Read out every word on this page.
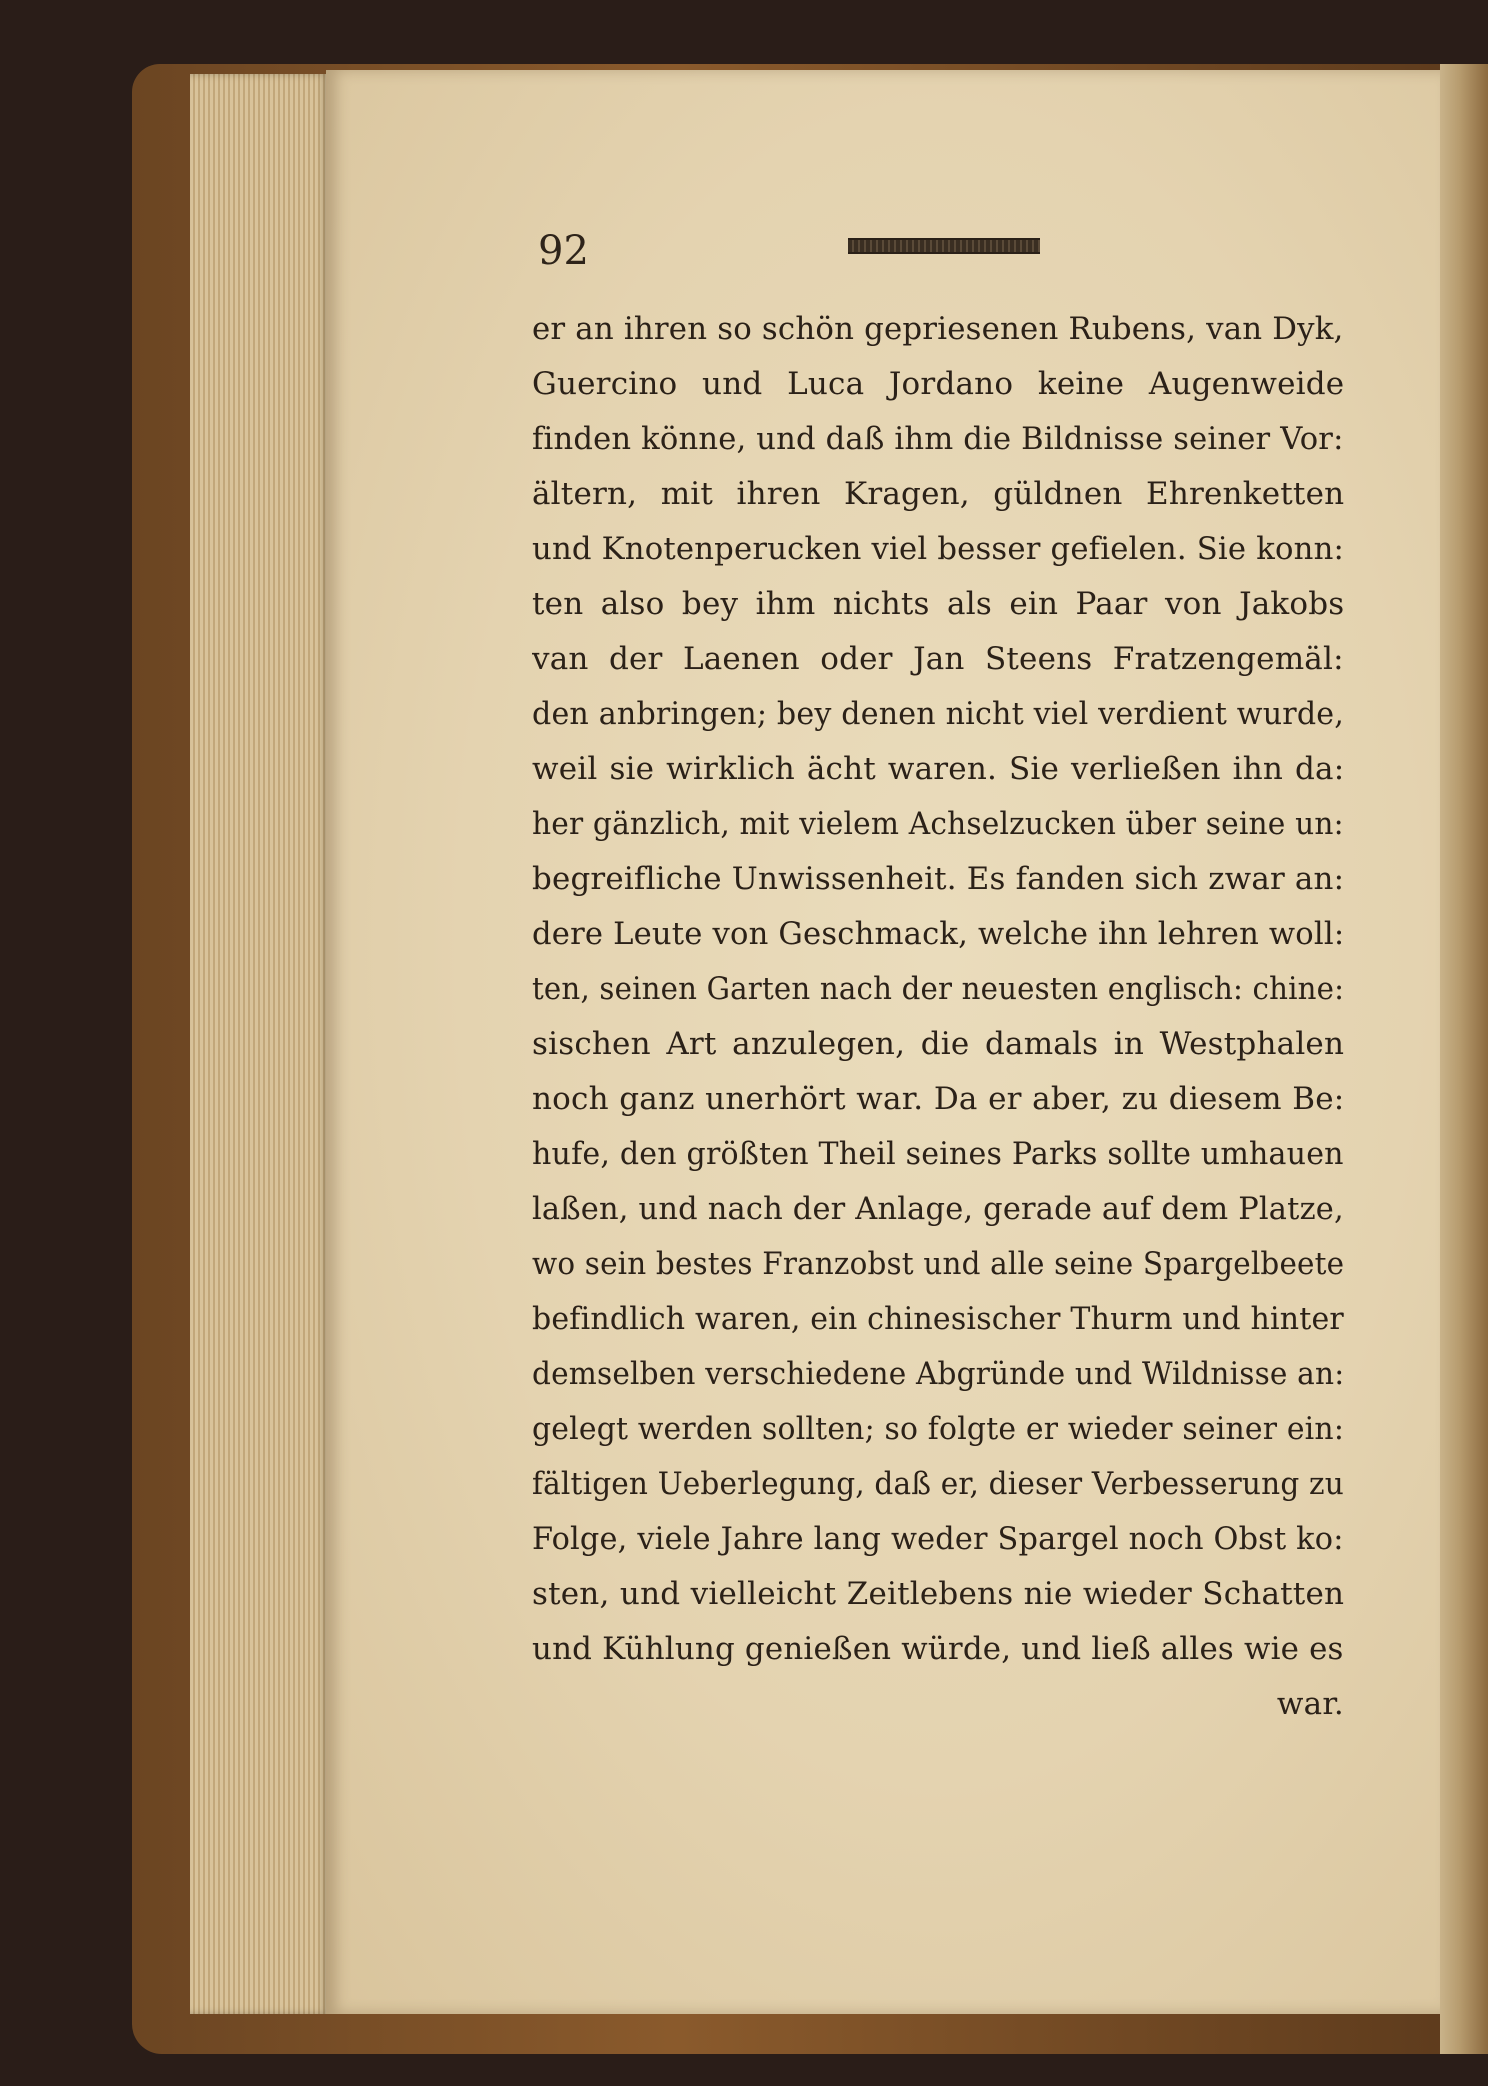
92
er an ihren so schön gepriesenen Rubens, van Dyk,
Guercino und Luca Jordano keine Augenweide
finden könne, und daß ihm die Bildnisse seiner Vor:
ältern, mit ihren Kragen, güldnen Ehrenketten
und Knotenperucken viel besser gefielen. Sie konn:
ten also bey ihm nichts als ein Paar von Jakobs
van der Laenen oder Jan Steens Fratzengemäl:
den anbringen; bey denen nicht viel verdient wurde,
weil sie wirklich ächt waren. Sie verließen ihn da:
her gänzlich, mit vielem Achselzucken über seine un:
begreifliche Unwissenheit. Es fanden sich zwar an:
dere Leute von Geschmack, welche ihn lehren woll:
ten, seinen Garten nach der neuesten englisch: chine:
sischen Art anzulegen, die damals in Westphalen
noch ganz unerhört war. Da er aber, zu diesem Be:
hufe, den größten Theil seines Parks sollte umhauen
laßen, und nach der Anlage, gerade auf dem Platze,
wo sein bestes Franzobst und alle seine Spargelbeete
befindlich waren, ein chinesischer Thurm und hinter
demselben verschiedene Abgründe und Wildnisse an:
gelegt werden sollten; so folgte er wieder seiner ein:
fältigen Ueberlegung, daß er, dieser Verbesserung zu
Folge, viele Jahre lang weder Spargel noch Obst ko:
sten, und vielleicht Zeitlebens nie wieder Schatten
und Kühlung genießen würde, und ließ alles wie es
war.
